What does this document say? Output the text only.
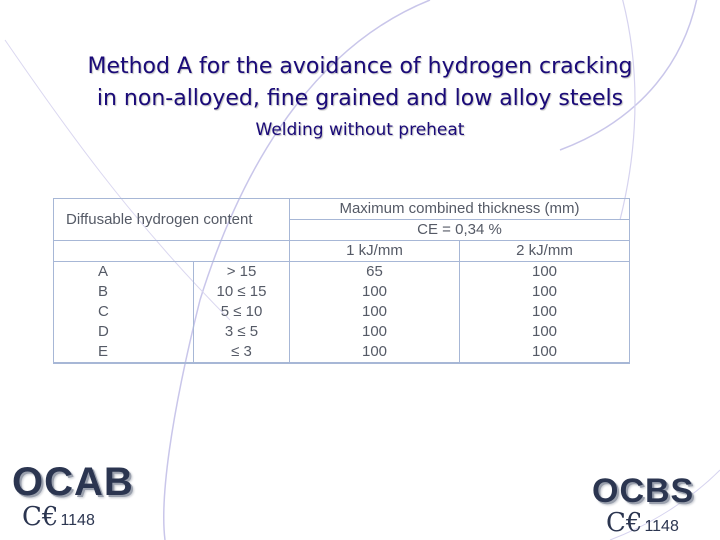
Method A for the avoidance of hydrogen cracking
in non-alloyed, fine grained and low alloy steels
Welding without preheat
Diffusable hydrogen content		Maximum combined thickness (mm)	
		CE = 0,34 %	
		1 kJ/mm	2 kJ/mm
A	> 15	65	100
B	10 ≤ 15	100	100
C	5 ≤ 10	100	100
D	3 ≤ 5	100	100
E	≤ 3	100	100
OCAB
C€ 1148
OCBS
C€ 1148
